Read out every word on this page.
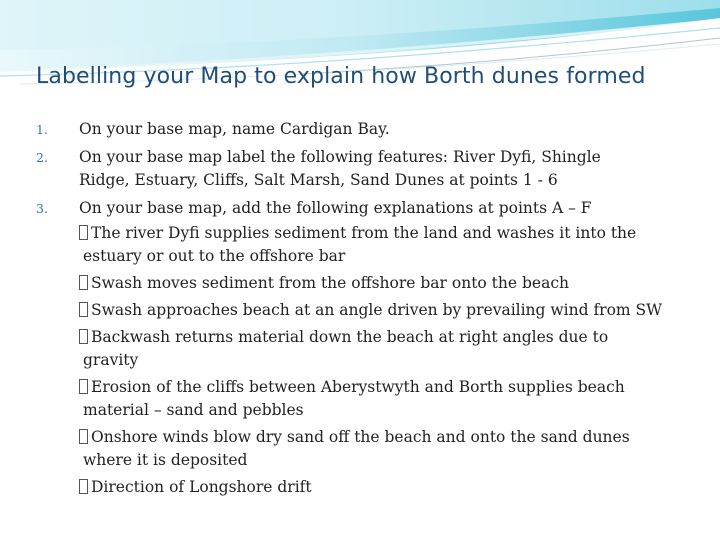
Labelling your Map to explain how Borth dunes formed
1.	On your base map, name Cardigan Bay.
2.	On your base map label the following features: River Dyfi, Shingle
Ridge, Estuary, Cliffs, Salt Marsh, Sand Dunes at points 1 - 6
3.	On your base map, add the following explanations at points A – F
The river Dyfi supplies sediment from the land and washes it into the
estuary or out to the offshore bar
Swash moves sediment from the offshore bar onto the beach
Swash approaches beach at an angle driven by prevailing wind from SW
Backwash returns material down the beach at right angles due to
gravity
Erosion of the cliffs between Aberystwyth and Borth supplies beach
material – sand and pebbles
Onshore winds blow dry sand off the beach and onto the sand dunes
where it is deposited
Direction of Longshore drift
